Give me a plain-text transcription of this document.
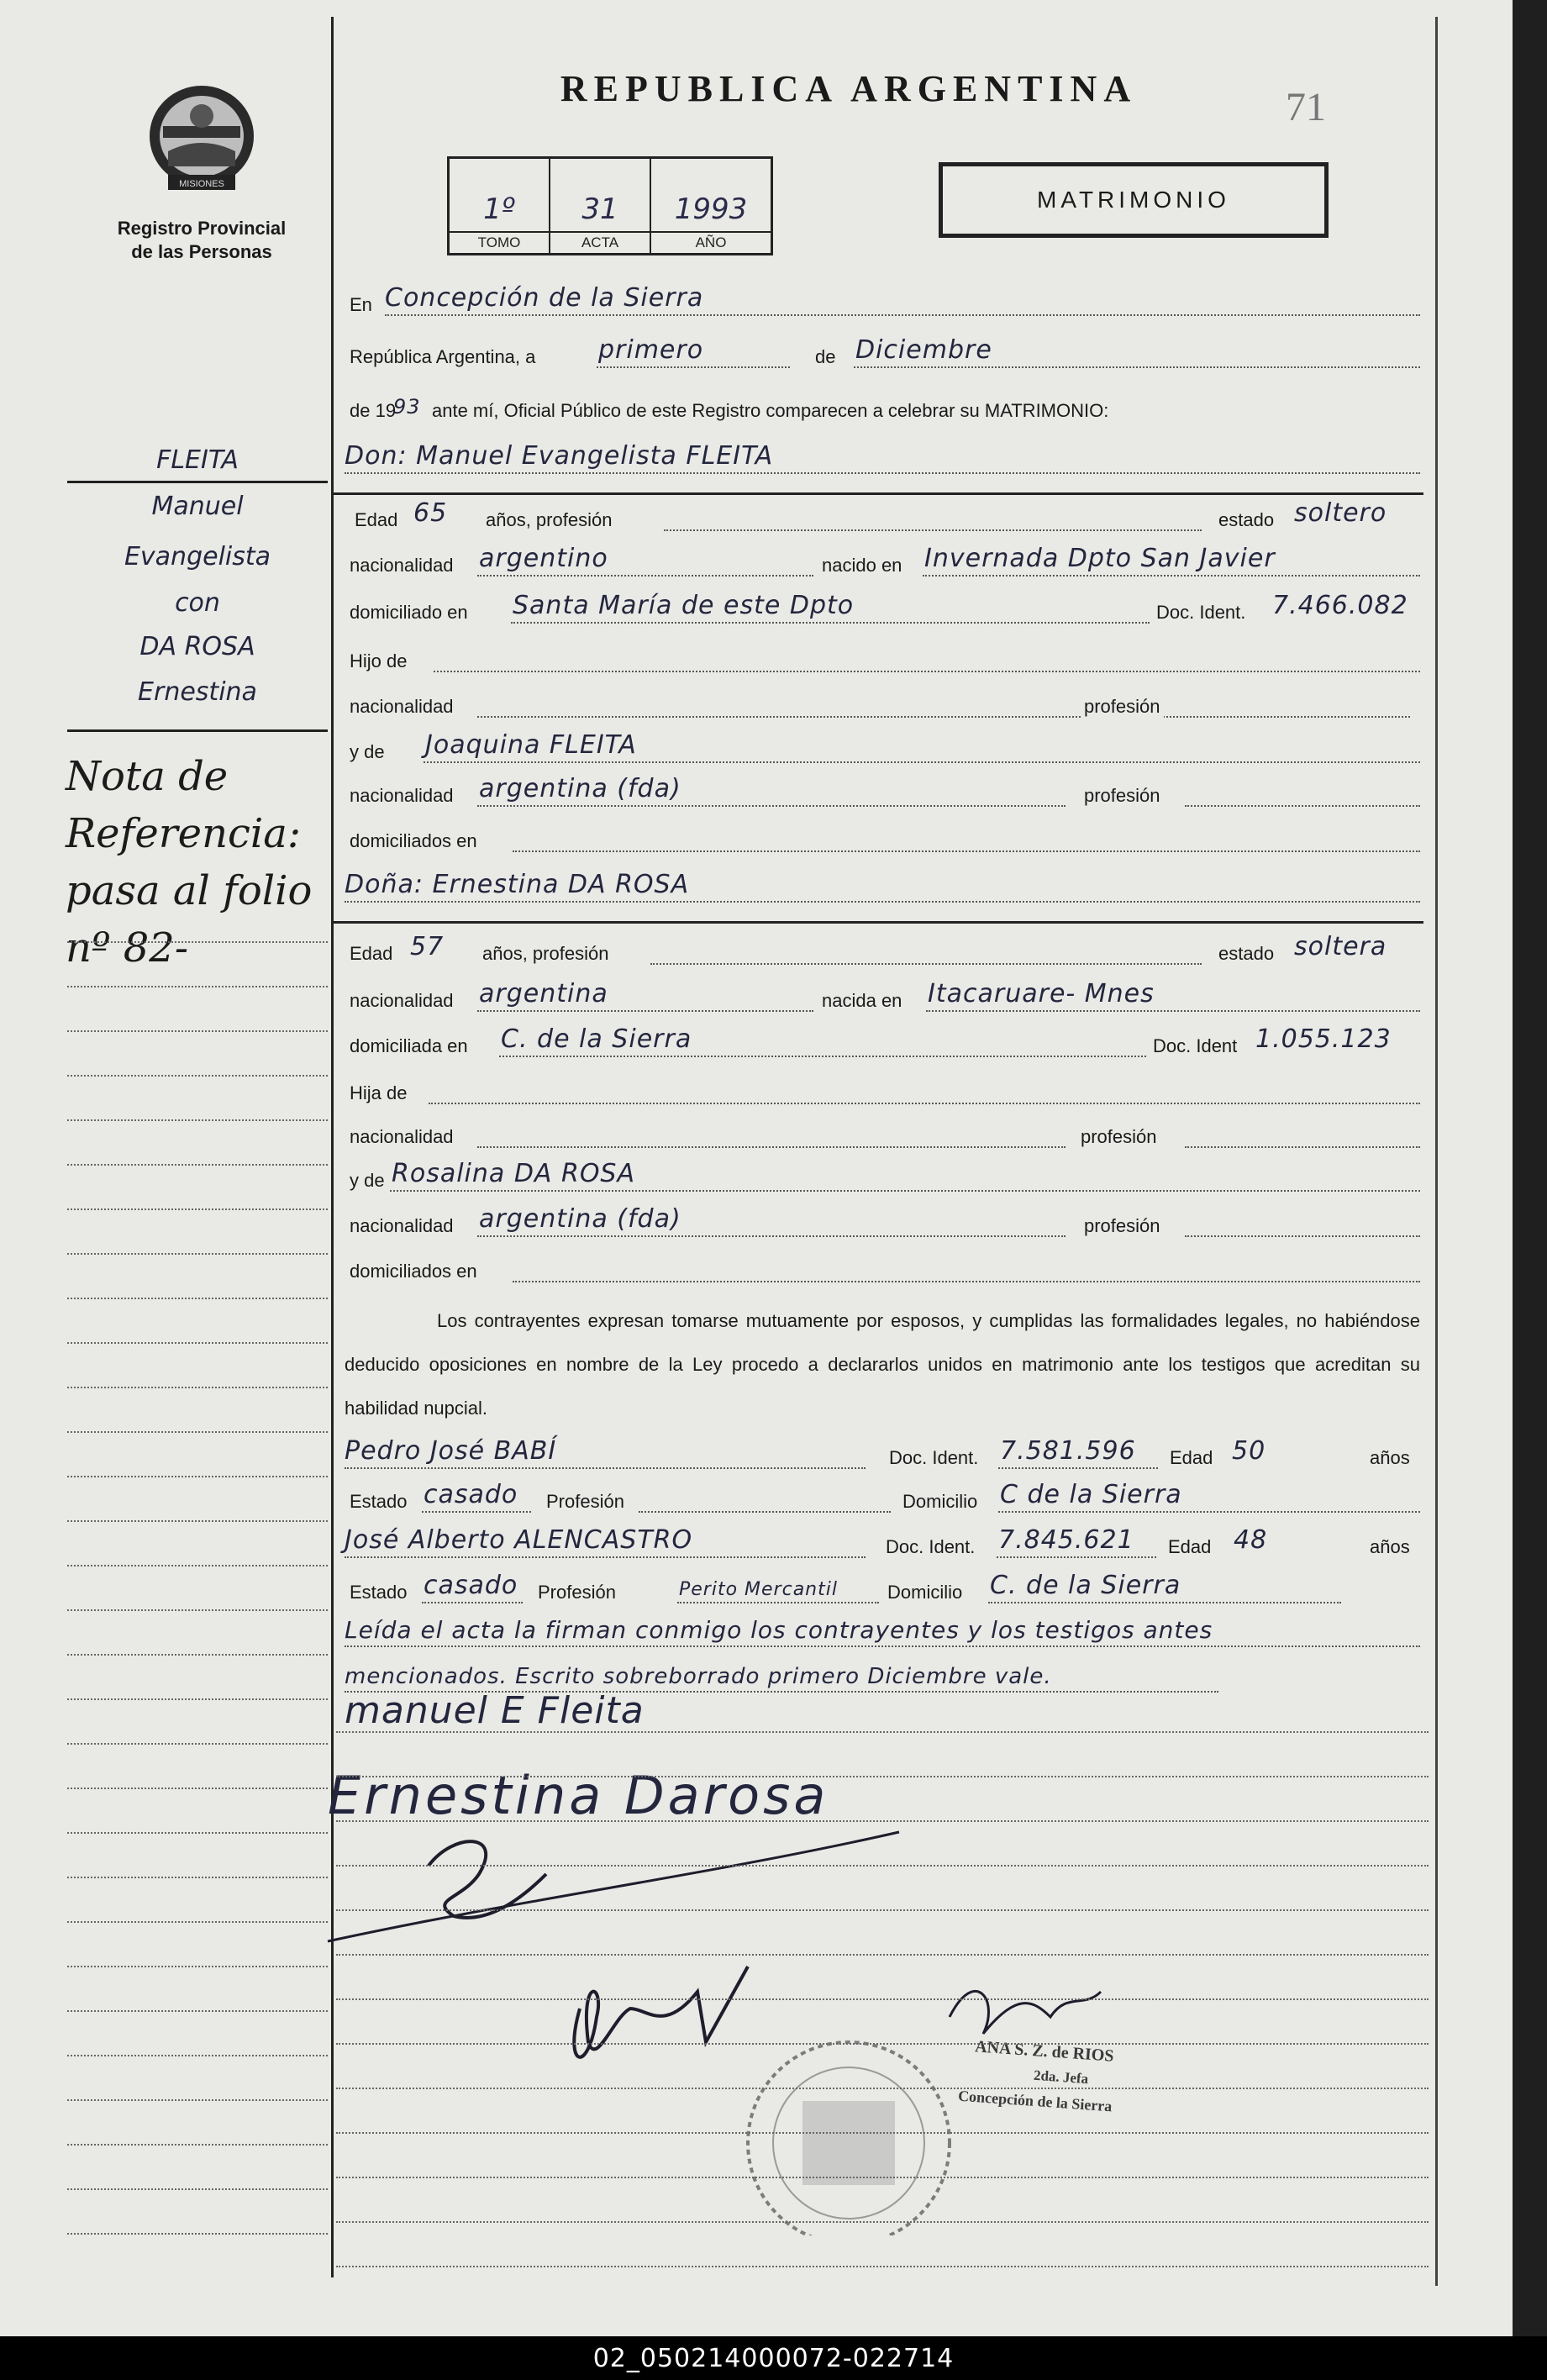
REPUBLICA ARGENTINA	71
MISIONES
Registro Provincial
de las Personas
1º
TOMO
31
ACTA
1993
AÑO
MATRIMONIO
En Concepción de la Sierra
República Argentina, a primero	de Diciembre
de 19
93 ante mí, Oficial Público de este Registro comparecen a celebrar su MATRIMONIO:
Don: Manuel Evangelista FLEITA
Edad 65 años, profesión	estado soltero
nacionalidad argentino	nacido en Invernada Dpto San Javier
domiciliado en Santa María de este Dpto	Doc. Ident. 7.466.082
Hijo de
nacionalidad	profesión
y de Joaquina FLEITA
nacionalidad argentina (fda)	profesión
domiciliados en
Doña: Ernestina DA ROSA
Edad 57 años, profesión	estado soltera
nacionalidad argentina	nacida en Itacaruare- Mnes
domiciliada en C. de la Sierra	Doc. Ident 1.055.123
Hija de
nacionalidad	profesión
y de Rosalina DA ROSA
nacionalidad argentina (fda)	profesión
domiciliados en
Los contrayentes expresan tomarse mutuamente por esposos, y cumplidas las formalidades legales, no habiéndose deducido oposiciones en nombre de la Ley procedo a declararlos unidos en matrimonio ante los testigos que acreditan su habilidad nupcial.
Pedro José BABÍ	Doc. Ident. 7.581.596 Edad 50	años
Estado casado Profesión	Domicilio C de la Sierra
José Alberto ALENCASTRO	Doc. Ident. 7.845.621 Edad 48	años
Estado casado Profesión	Perito Mercantil	Domicilio C. de la Sierra
Leída el acta la firman conmigo los contrayentes y los testigos antes
mencionados. Escrito sobreborrado primero Diciembre vale.
manuel E Fleita
Ernestina Darosa
ANA S. Z. de RIOS
2da. Jefa
Concepción de la Sierra
FLEITA
Manuel
Evangelista
con
DA ROSA
Ernestina
Nota de Referencia: pasa al folio nº 82-
02_050214000072-022714
